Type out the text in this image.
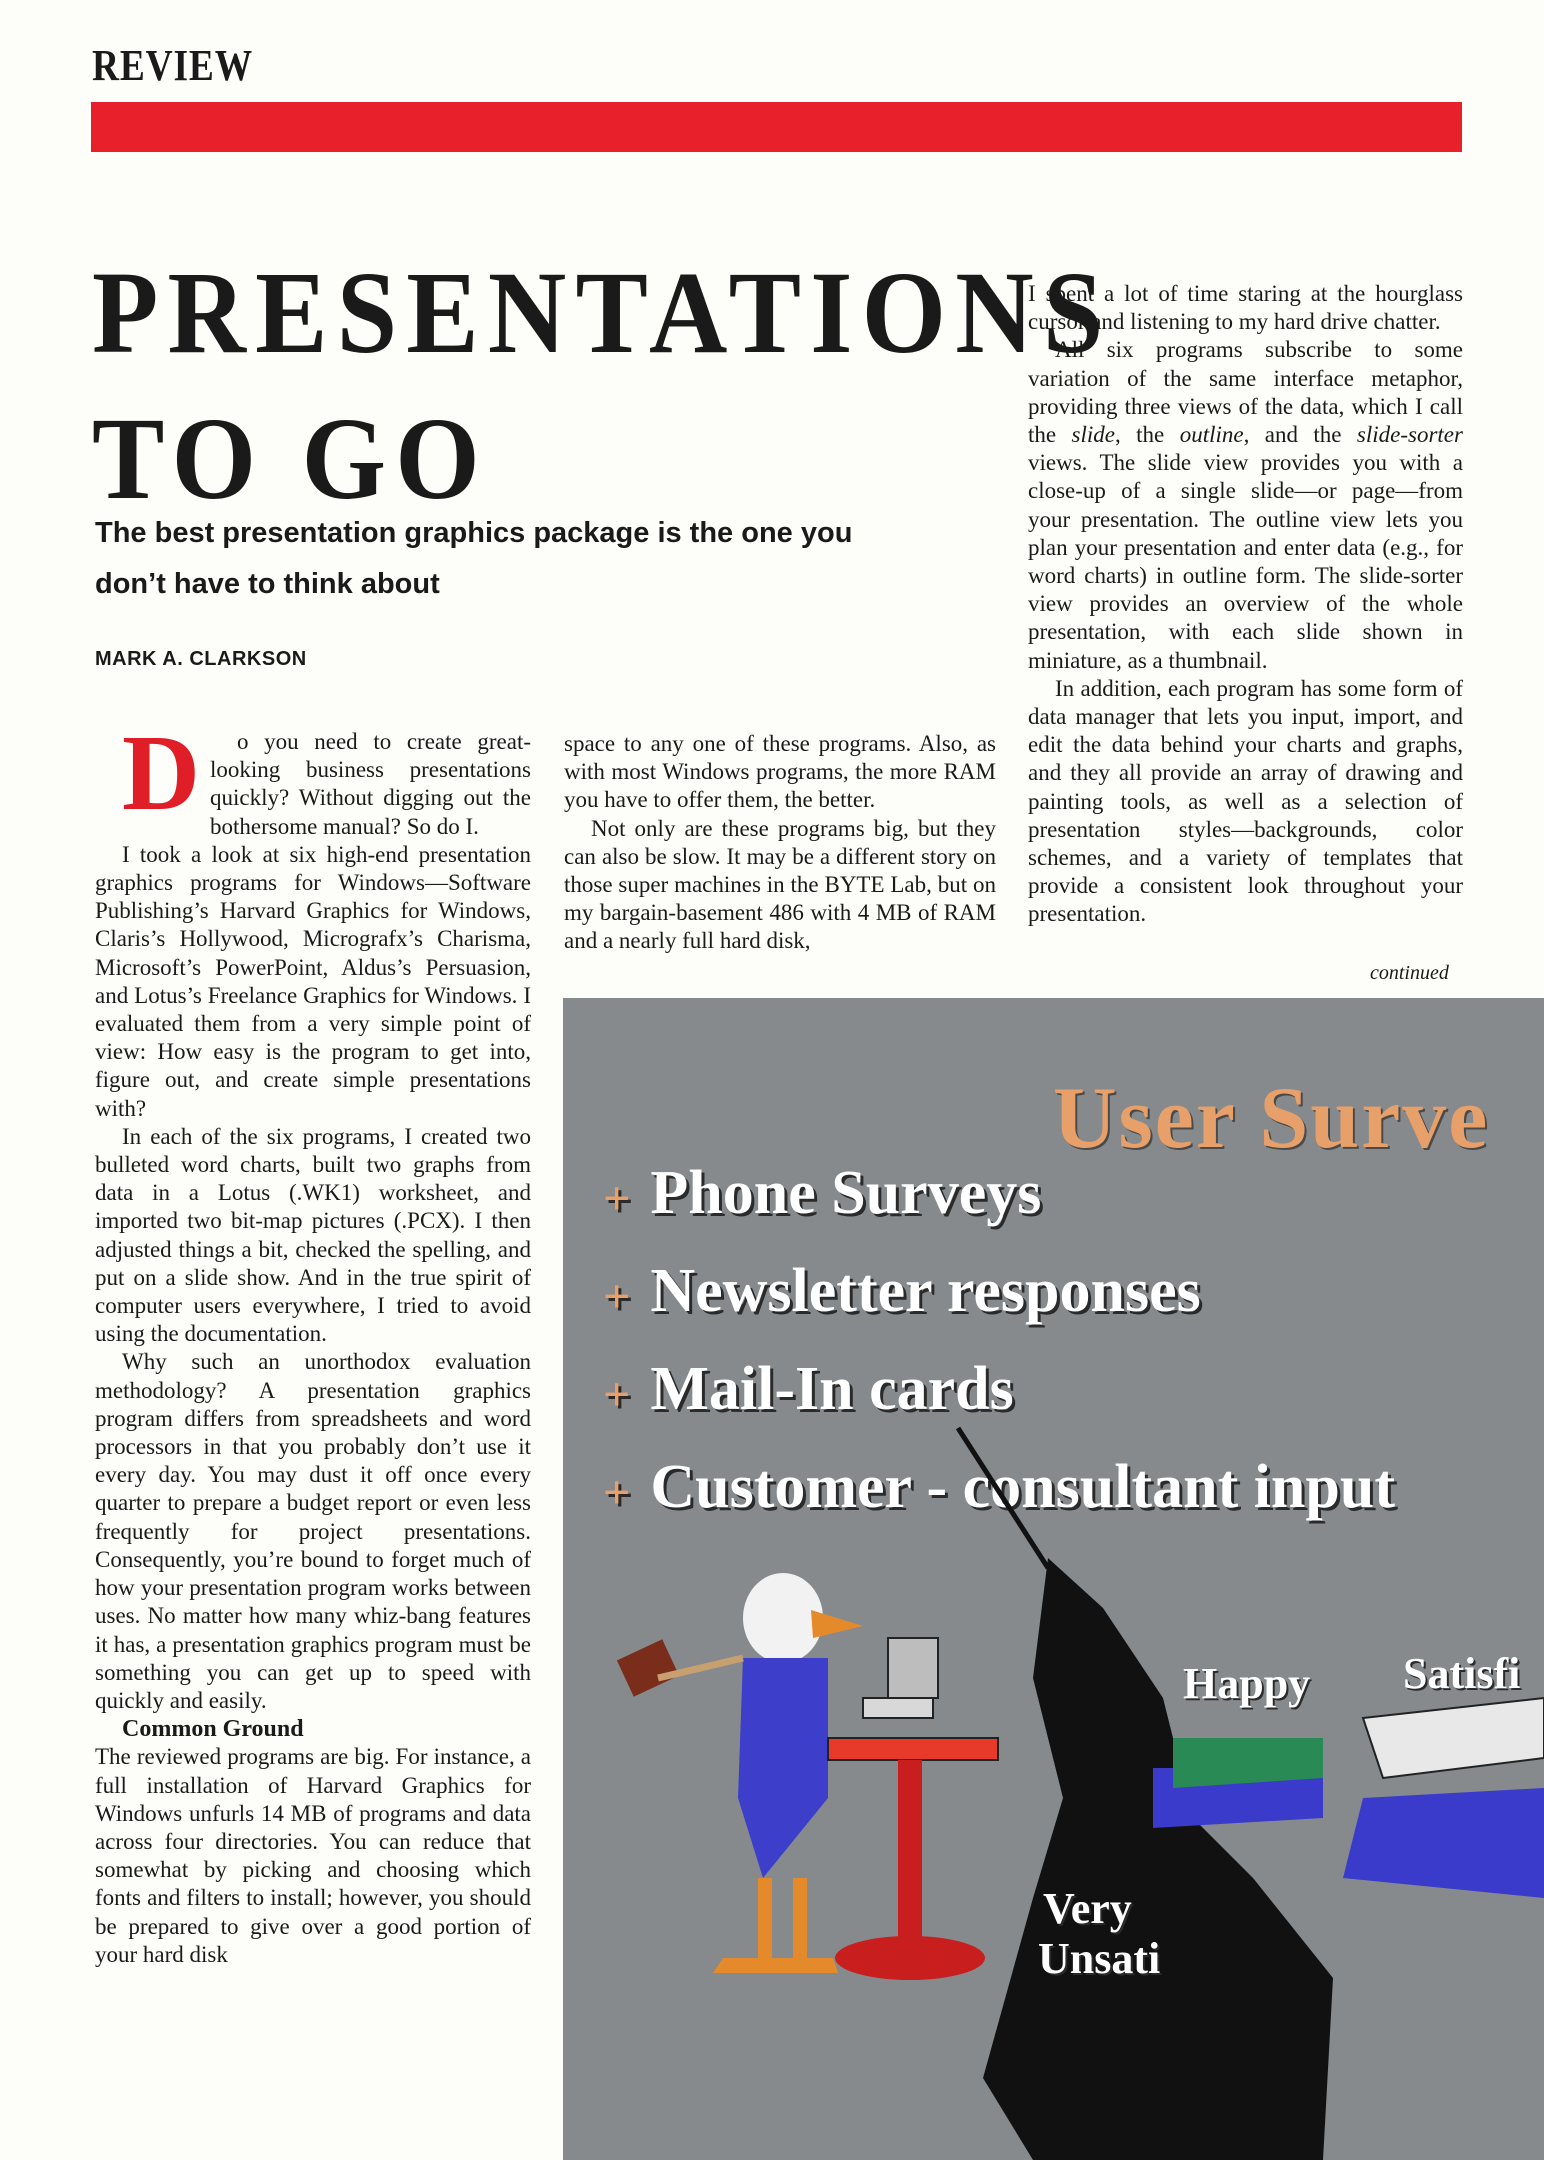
REVIEW
PRESENTATIONS
TO GO
The best presentation graphics package is the one you don’t have to think about
MARK A. CLARKSON

D o you need to create great-looking business presentations quickly? Without digging out the bothersome manual? So do I.

I took a look at six high-end presentation graphics programs for Windows—Software Publishing’s Harvard Graphics for Windows, Claris’s Hollywood, Micrografx’s Charisma, Microsoft’s PowerPoint, Aldus’s Persuasion, and Lotus’s Freelance Graphics for Windows. I evaluated them from a very simple point of view: How easy is the program to get into, figure out, and create simple presentations with?

In each of the six programs, I created two bulleted word charts, built two graphs from data in a Lotus (.WK1) worksheet, and imported two bit-map pictures (.PCX). I then adjusted things a bit, checked the spelling, and put on a slide show. And in the true spirit of computer users everywhere, I tried to avoid using the documentation.

Why such an unorthodox evaluation methodology? A presentation graphics program differs from spreadsheets and word processors in that you probably don’t use it every day. You may dust it off once every quarter to prepare a budget report or even less frequently for project presentations. Consequently, you’re bound to forget much of how your presentation program works between uses. No matter how many whiz-bang features it has, a presentation graphics program must be something you can get up to speed with quickly and easily.

Common Ground

The reviewed programs are big. For instance, a full installation of Harvard Graphics for Windows unfurls 14 MB of programs and data across four directories. You can reduce that somewhat by picking and choosing which fonts and filters to install; however, you should be prepared to give over a good portion of your hard disk

space to any one of these programs. Also, as with most Windows programs, the more RAM you have to offer them, the better.

Not only are these programs big, but they can also be slow. It may be a different story on those super machines in the BYTE Lab, but on my bargain-basement 486 with 4 MB of RAM and a nearly full hard disk,

I spent a lot of time staring at the hourglass cursor and listening to my hard drive chatter.

All six programs subscribe to some variation of the same interface metaphor, providing three views of the data, which I call the slide, the outline, and the slide-sorter views. The slide view provides you with a close-up of a single slide—or page—from your presentation. The outline view lets you plan your presentation and enter data (e.g., for word charts) in outline form. The slide-sorter view provides an overview of the whole presentation, with each slide shown in miniature, as a thumbnail.

In addition, each program has some form of data manager that lets you input, import, and edit the data behind your charts and graphs, and they all provide an array of drawing and painting tools, as well as a selection of presentation styles—backgrounds, color schemes, and a variety of templates that provide a consistent look throughout your presentation.

continued
User Surve
+ Phone Surveys
+ Newsletter responses
+ Mail-In cards
+ Customer - consultant input
Happy Satisfi
Very
Unsati
